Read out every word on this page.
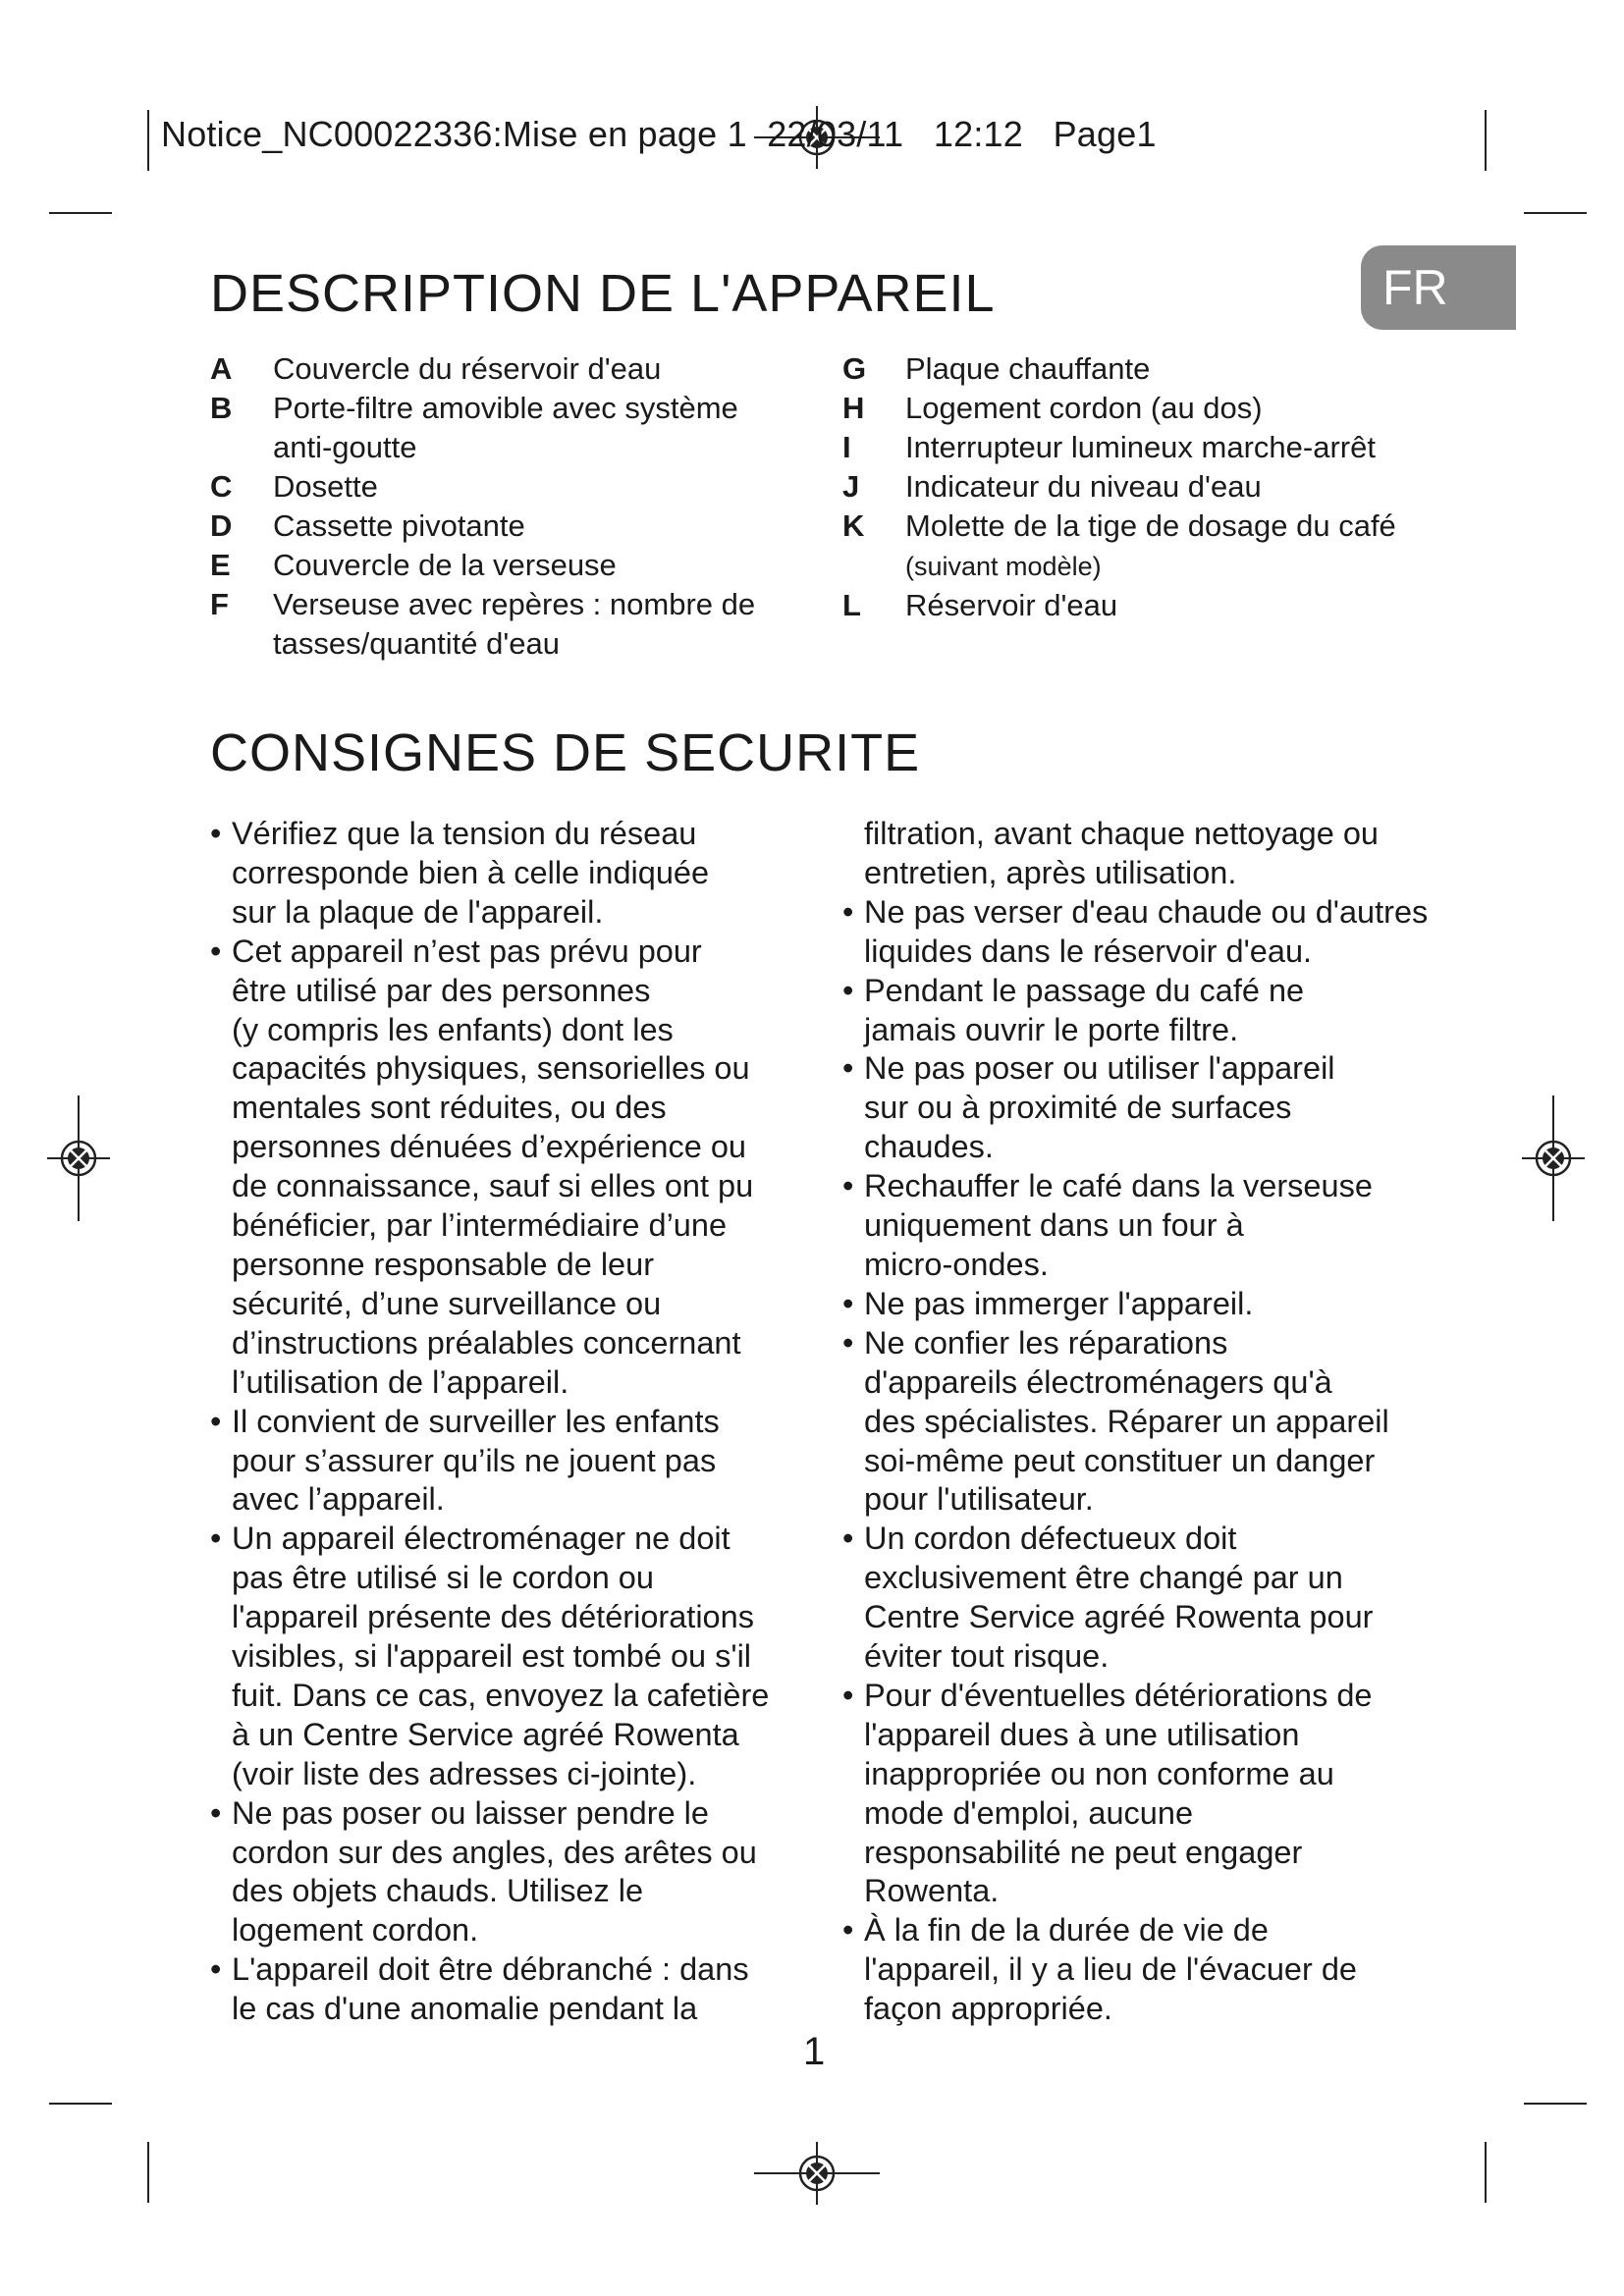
Notice_NC00022336:Mise en page 1 22/03/11 12:12 Page1
FR
DESCRIPTION DE L'APPAREIL
A	Couvercle du réservoir d'eau
B	Porte-filtre amovible avec système
anti-goutte
C	Dosette
D	Cassette pivotante
E	Couvercle de la verseuse
F	Verseuse avec repères : nombre de
tasses/quantité d'eau
G	Plaque chauffante
H	Logement cordon (au dos)
I	Interrupteur lumineux marche-arrêt
J	Indicateur du niveau d'eau
K	Molette de la tige de dosage du café
(suivant modèle)
L	Réservoir d'eau
CONSIGNES DE SECURITE
• Vérifiez que la tension du réseau
corresponde bien à celle indiquée
sur la plaque de l'appareil.
• Cet appareil n’est pas prévu pour
être utilisé par des personnes
(y compris les enfants) dont les
capacités physiques, sensorielles ou
mentales sont réduites, ou des
personnes dénuées d’expérience ou
de connaissance, sauf si elles ont pu
bénéficier, par l’intermédiaire d’une
personne responsable de leur
sécurité, d’une surveillance ou
d’instructions préalables concernant
l’utilisation de l’appareil.
• Il convient de surveiller les enfants
pour s’assurer qu’ils ne jouent pas
avec l’appareil.
• Un appareil électroménager ne doit
pas être utilisé si le cordon ou
l'appareil présente des détériorations
visibles, si l'appareil est tombé ou s'il
fuit. Dans ce cas, envoyez la cafetière
à un Centre Service agréé Rowenta
(voir liste des adresses ci-jointe).
• Ne pas poser ou laisser pendre le
cordon sur des angles, des arêtes ou
des objets chauds. Utilisez le
logement cordon.
• L'appareil doit être débranché : dans
le cas d'une anomalie pendant la
filtration, avant chaque nettoyage ou
entretien, après utilisation.
• Ne pas verser d'eau chaude ou d'autres
liquides dans le réservoir d'eau.
• Pendant le passage du café ne
jamais ouvrir le porte filtre.
• Ne pas poser ou utiliser l'appareil
sur ou à proximité de surfaces
chaudes.
• Rechauffer le café dans la verseuse
uniquement dans un four à
micro-ondes.
• Ne pas immerger l'appareil.
• Ne confier les réparations
d'appareils électroménagers qu'à
des spécialistes. Réparer un appareil
soi-même peut constituer un danger
pour l'utilisateur.
• Un cordon défectueux doit
exclusivement être changé par un
Centre Service agréé Rowenta pour
éviter tout risque.
• Pour d'éventuelles détériorations de
l'appareil dues à une utilisation
inappropriée ou non conforme au
mode d'emploi, aucune
responsabilité ne peut engager
Rowenta.
• À la fin de la durée de vie de
l'appareil, il y a lieu de l'évacuer de
façon appropriée.
1
